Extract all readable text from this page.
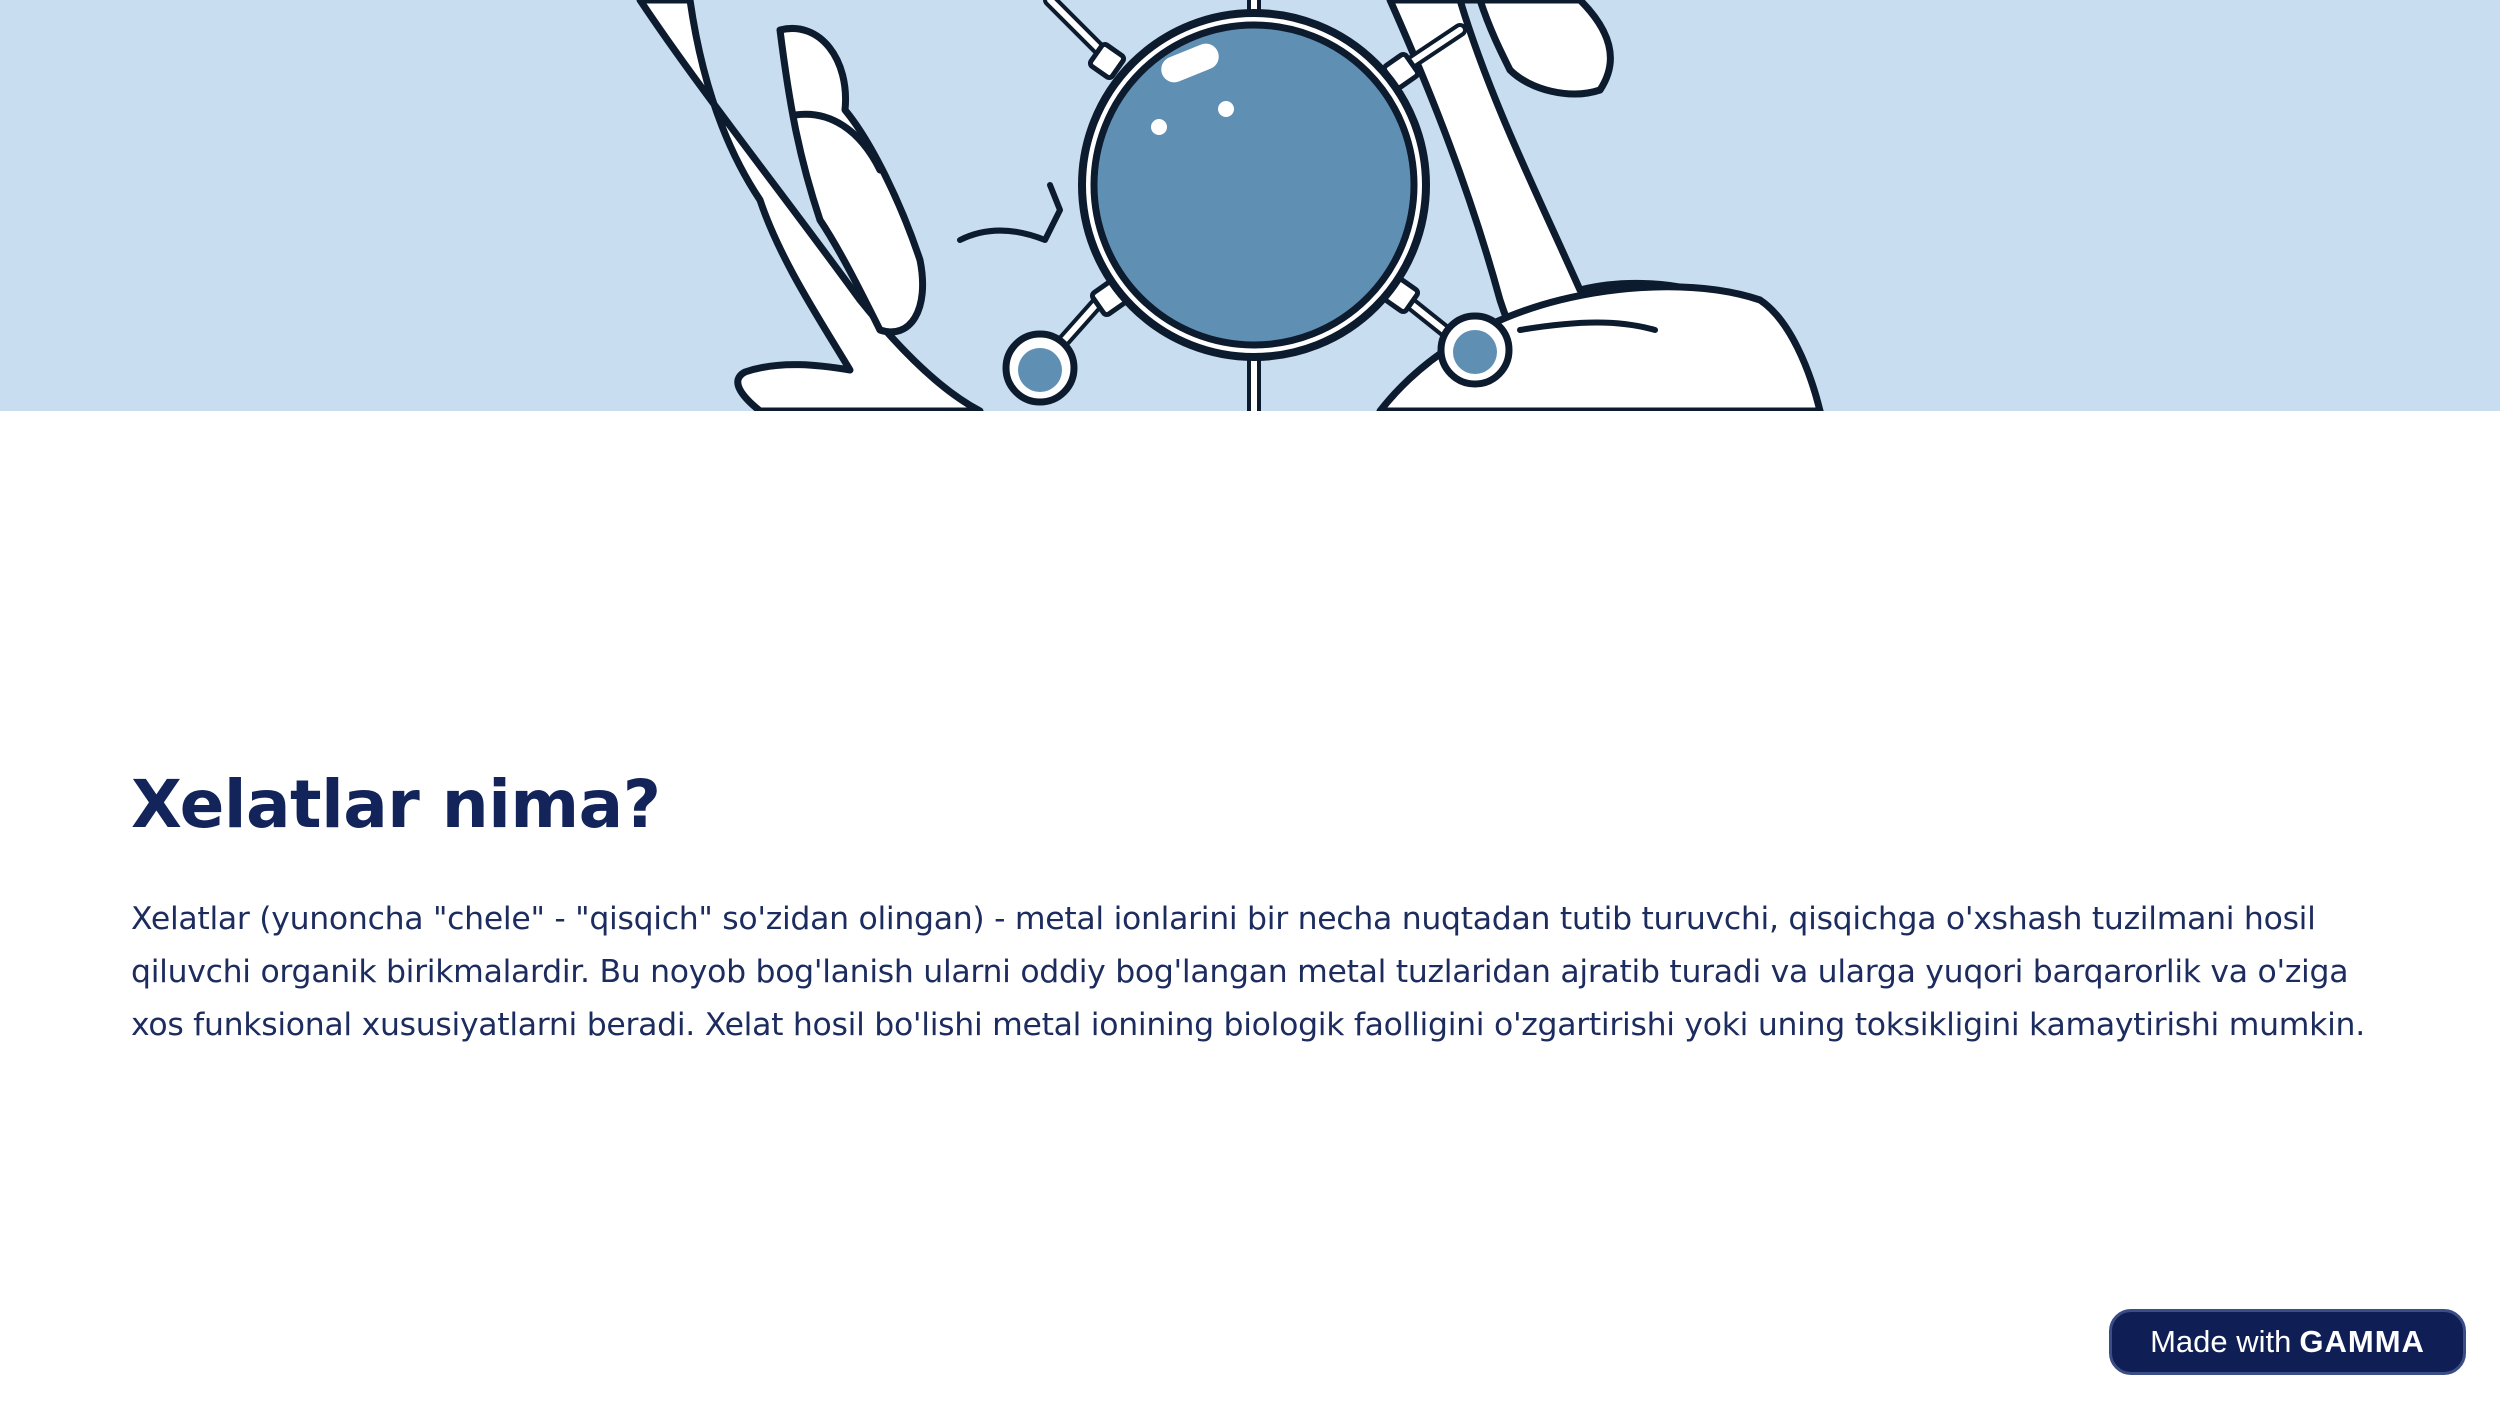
Xelatlar nima?

Xelatlar (yunoncha "chele" - "qisqich" so'zidan olingan) - metal ionlarini bir necha nuqtadan tutib turuvchi, qisqichga o'xshash tuzilmani hosil qiluvchi organik birikmalardir. Bu noyob bog'lanish ularni oddiy bog'langan metal tuzlaridan ajratib turadi va ularga yuqori barqarorlik va o'ziga xos funksional xususiyatlarni beradi. Xelat hosil bo'lishi metal ionining biologik faolligini o'zgartirishi yoki uning toksikligini kamaytirishi mumkin.

Made with GAMMA
